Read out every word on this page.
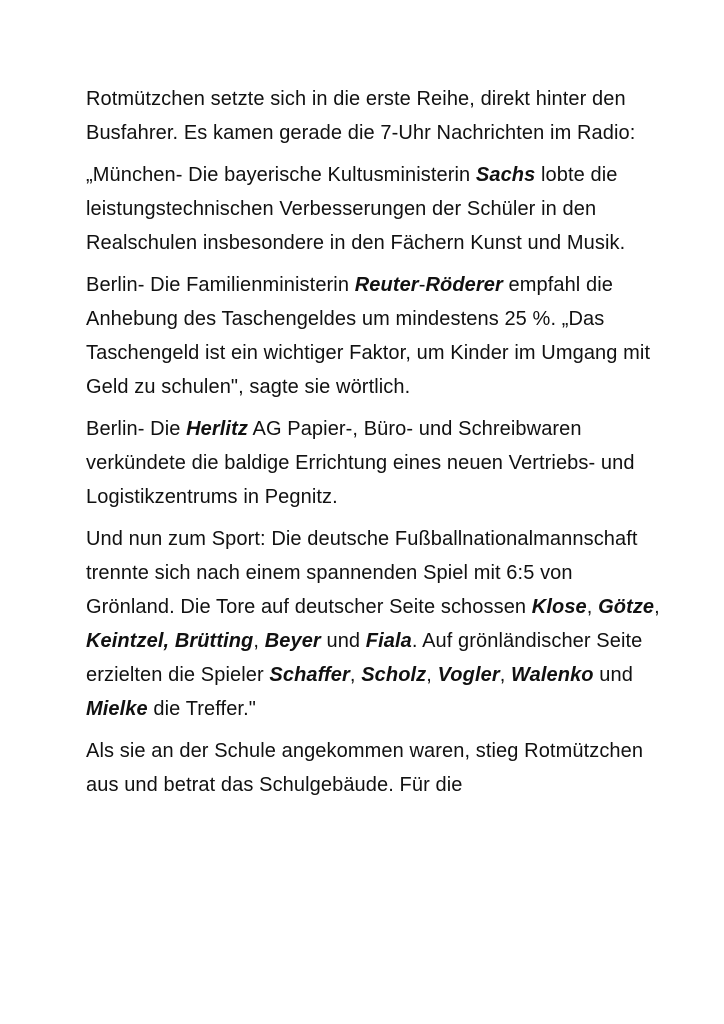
Rotmützchen setzte sich in die erste Reihe, direkt hinter den Busfahrer. Es kamen gerade die 7-Uhr Nachrichten im Radio:

„München- Die bayerische Kultusministerin Sachs lobte die leistungstechnischen Verbesserungen der Schüler in den Realschulen insbesondere in den Fächern Kunst und Musik.

Berlin- Die Familienministerin Reuter-Röderer empfahl die Anhebung des Taschengeldes um mindestens 25 %. „Das Taschengeld ist ein wichtiger Faktor, um Kinder im Umgang mit Geld zu schulen", sagte sie wörtlich.

Berlin- Die Herlitz AG Papier-, Büro- und Schreibwaren verkündete die baldige Errichtung eines neuen Vertriebs- und Logistikzentrums in Pegnitz.

Und nun zum Sport: Die deutsche Fußballnationalmannschaft trennte sich nach einem spannenden Spiel mit 6:5 von Grönland. Die Tore auf deutscher Seite schossen Klose, Götze, Keintzel, Brütting, Beyer und Fiala. Auf grönländischer Seite erzielten die Spieler Schaffer, Scholz, Vogler, Walenko und Mielke die Treffer."

Als sie an der Schule angekommen waren, stieg Rotmützchen aus und betrat das Schulgebäude. Für die
